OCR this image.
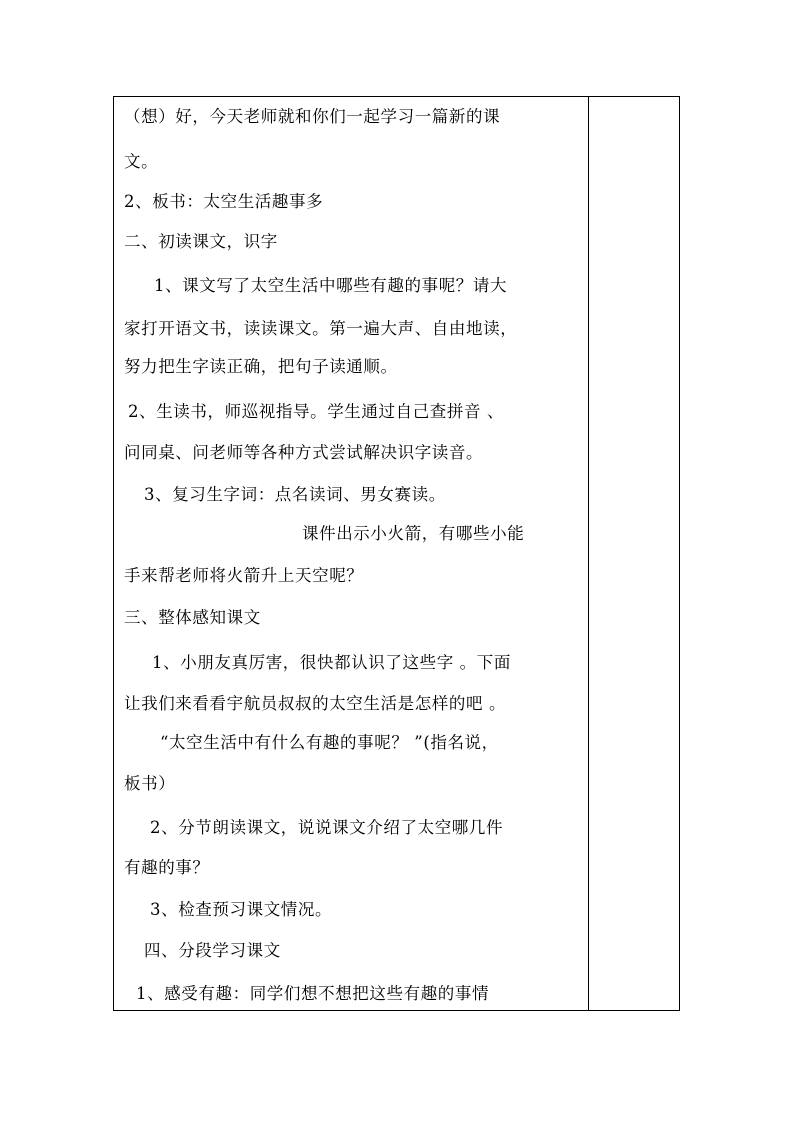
（想）好，今天老师就和你们一起学习一篇新的课
文。
2、板书：太空生活趣事多
二、初读课文，识字
1、课文写了太空生活中哪些有趣的事呢？请大
家打开语文书，读读课文。第一遍大声、自由地读，
努力把生字读正确，把句子读通顺。
2、生读书，师巡视指导。学生通过自己查拼音 、
问同桌、问老师等各种方式尝试解决识字读音。
3、复习生字词：点名读词、男女赛读。
课件出示小火箭，有哪些小能
手来帮老师将火箭升上天空呢？
三、整体感知课文
1、小朋友真厉害，很快都认识了这些字 。下面
让我们来看看宇航员叔叔的太空生活是怎样的吧 。
“太空生活中有什么有趣的事呢？ ”(指名说，
板书）
2、分节朗读课文，说说课文介绍了太空哪几件
有趣的事？
3、检查预习课文情况。
四、分段学习课文
1、感受有趣：同学们想不想把这些有趣的事情
